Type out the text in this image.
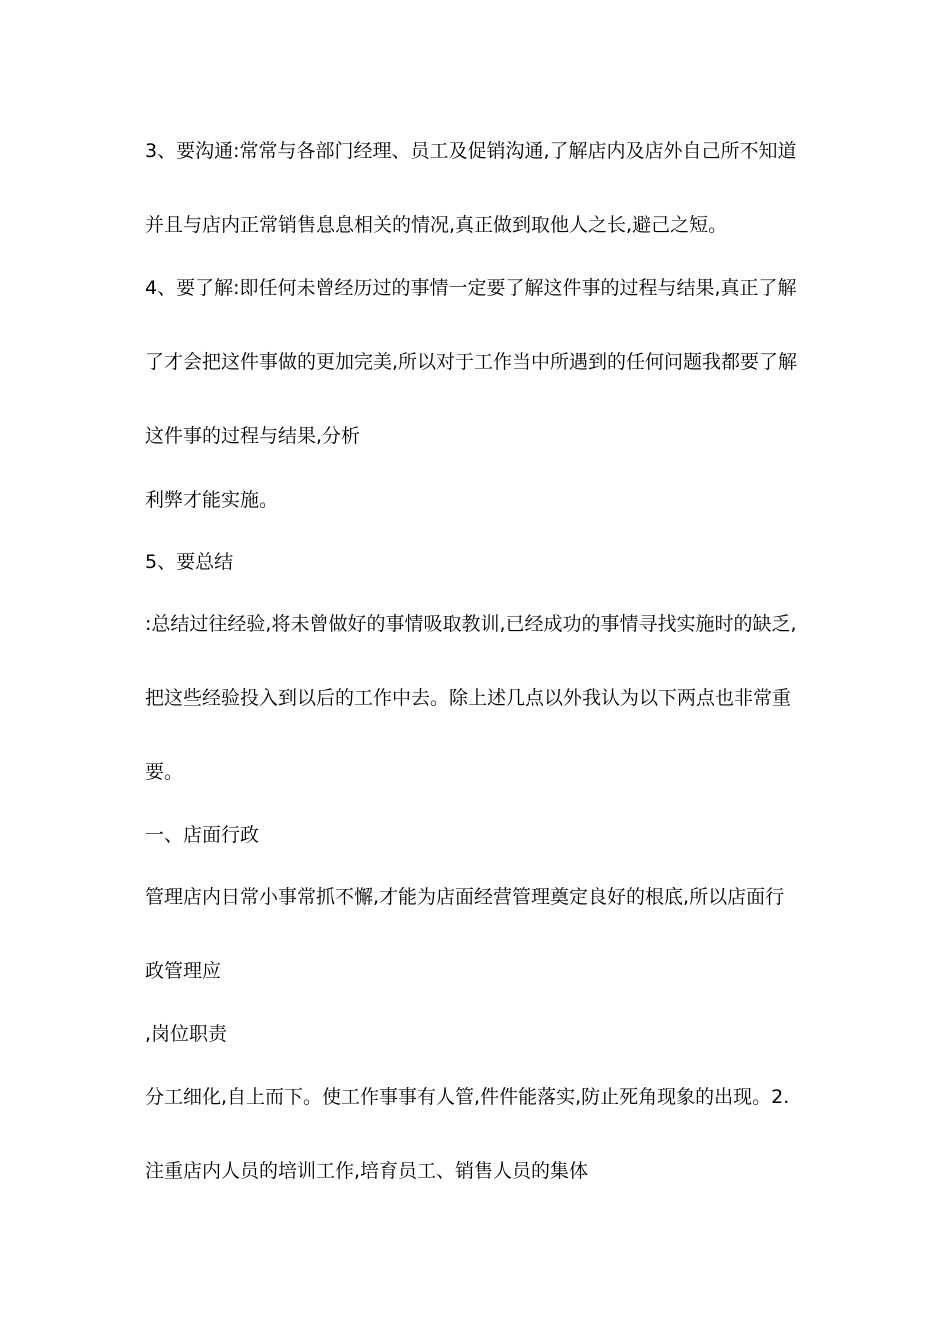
3、要沟通:常常与各部门经理、员工及促销沟通,了解店内及店外自己所不知道
并且与店内正常销售息息相关的情况,真正做到取他人之长,避己之短。
4、要了解:即任何未曾经历过的事情一定要了解这件事的过程与结果,真正了解
了才会把这件事做的更加完美,所以对于工作当中所遇到的任何问题我都要了解
这件事的过程与结果,分析
利弊才能实施。
5、要总结
:总结过往经验,将未曾做好的事情吸取教训,已经成功的事情寻找实施时的缺乏,
把这些经验投入到以后的工作中去。除上述几点以外我认为以下两点也非常重
要。
一、店面行政
管理店内日常小事常抓不懈,才能为店面经营管理奠定良好的根底,所以店面行
政管理应
,岗位职责
分工细化,自上而下。使工作事事有人管,件件能落实,防止死角现象的出现。2.
注重店内人员的培训工作,培育员工、销售人员的集体
